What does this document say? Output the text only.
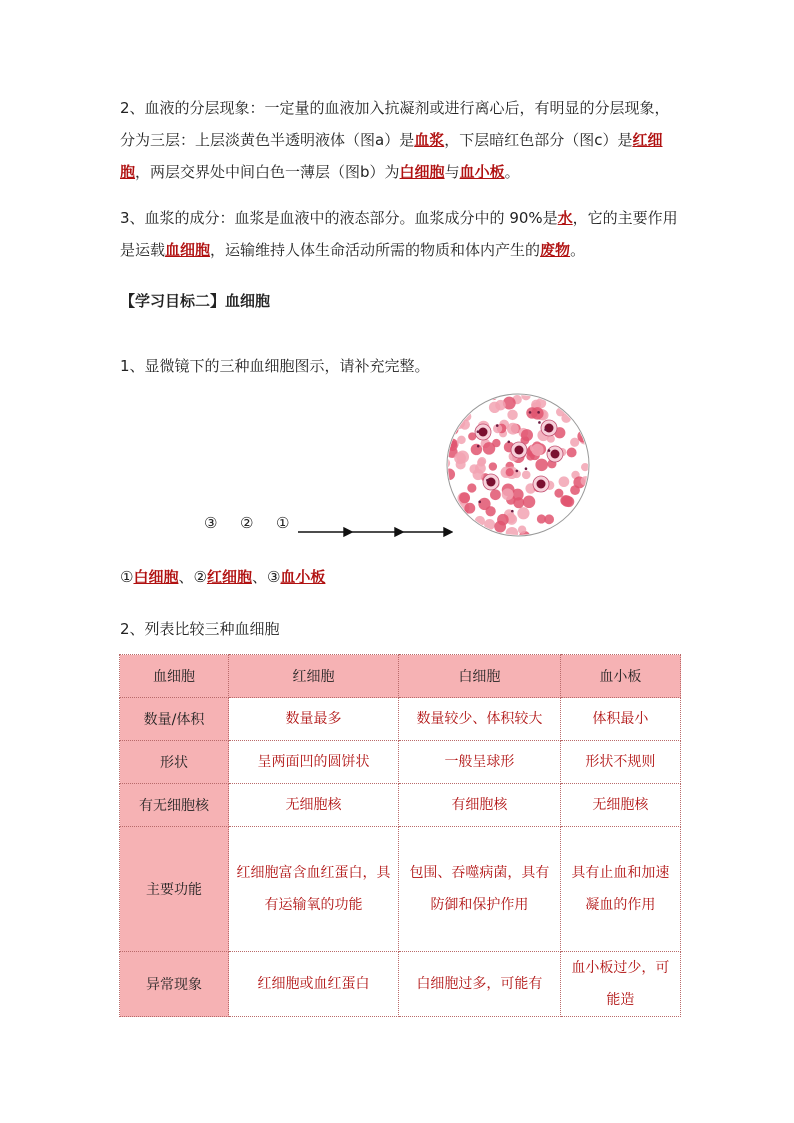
2、血液的分层现象：一定量的血液加入抗凝剂或进行离心后，有明显的分层现象，分为三层：上层淡黄色半透明液体（图a）是血浆，下层暗红色部分（图c）是红细胞，两层交界处中间白色一薄层（图b）为白细胞与血小板。

3、血浆的成分：血浆是血液中的液态部分。血浆成分中的 90%是水，它的主要作用是运载血细胞，运输维持人体生命活动所需的物质和体内产生的废物。

【学习目标二】血细胞

1、显微镜下的三种血细胞图示，请补充完整。

③ ② ①

①白细胞、②红细胞、③血小板

2、列表比较三种血细胞

血细胞	红细胞	白细胞	血小板
数量/体积	数量最多	数量较少、体积较大	体积最小
形状	呈两面凹的圆饼状	一般呈球形	形状不规则
有无细胞核	无细胞核	有细胞核	无细胞核
主要功能	红细胞富含血红蛋白，具有运输氧的功能	包围、吞噬病菌，具有防御和保护作用	具有止血和加速凝血的作用
异常现象	红细胞或血红蛋白	白细胞过多，可能有	血小板过少，可能造
